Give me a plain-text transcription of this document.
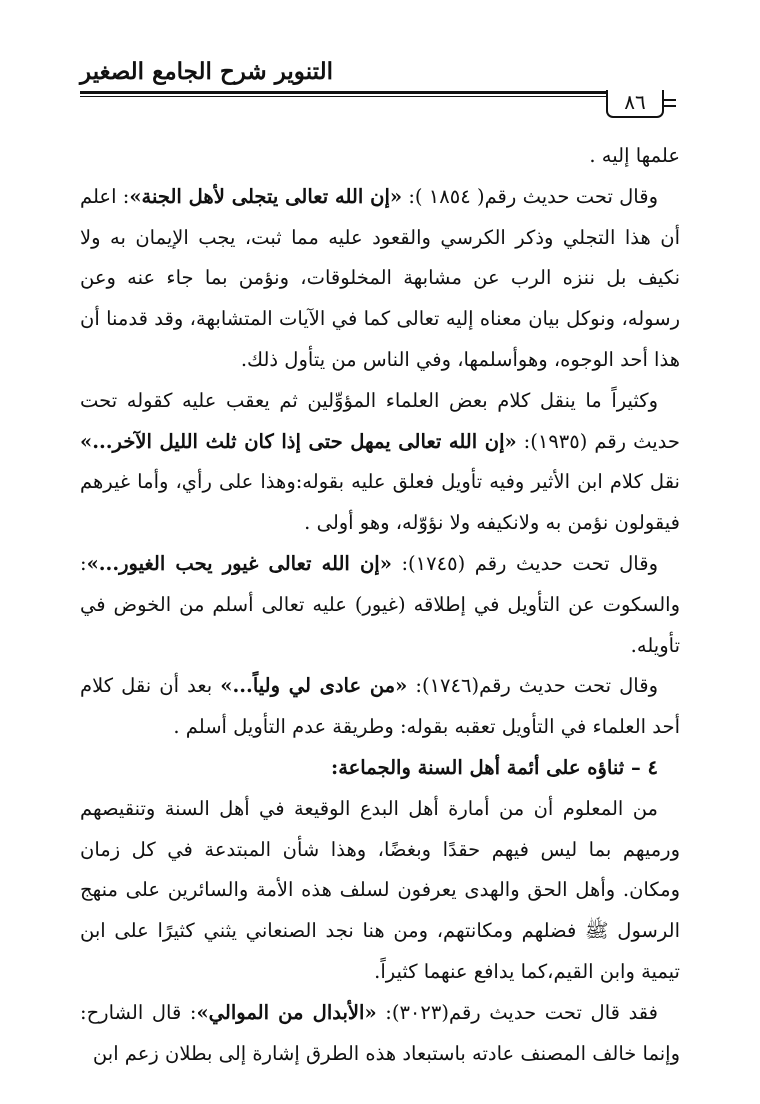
التنوير شرح الجامع الصغير
٨٦

علمها إليه .

وقال تحت حديث رقم( ١٨٥٤ ): «إن الله تعالى يتجلى لأهل الجنة»: اعلم أن هذا التجلي وذكر الكرسي والقعود عليه مما ثبت، يجب الإيمان به ولا نكيف بل ننزه الرب عن مشابهة المخلوقات، ونؤمن بما جاء عنه وعن رسوله، ونوكل بيان معناه إليه تعالى كما في الآيات المتشابهة، وقد قدمنا أن هذا أحد الوجوه، وهوأسلمها، وفي الناس من يتأول ذلك.

وكثيراً ما ينقل كلام بعض العلماء المؤوِّلين ثم يعقب عليه كقوله تحت حديث رقم (١٩٣٥): «إن الله تعالى يمهل حتى إذا كان ثلث الليل الآخر...» نقل كلام ابن الأثير وفيه تأويل فعلق عليه بقوله:وهذا على رأي، وأما غيرهم فيقولون نؤمن به ولانكيفه ولا نؤوّله، وهو أولى .

وقال تحت حديث رقم (١٧٤٥): «إن الله تعالى غيور يحب الغيور...»: والسكوت عن التأويل في إطلاقه (غيور) عليه تعالى أسلم من الخوض في تأويله.

وقال تحت حديث رقم(١٧٤٦): «من عادى لي ولياً...» بعد أن نقل كلام أحد العلماء في التأويل تعقبه بقوله: وطريقة عدم التأويل أسلم .

٤ – ثناؤه على أئمة أهل السنة والجماعة:

من المعلوم أن من أمارة أهل البدع الوقيعة في أهل السنة وتنقيصهم ورميهم بما ليس فيهم حقدًا وبغضًا، وهذا شأن المبتدعة في كل زمان ومكان. وأهل الحق والهدى يعرفون لسلف هذه الأمة والسائرين على منهج الرسول ﷺ فضلهم ومكانتهم، ومن هنا نجد الصنعاني يثني كثيرًا على ابن تيمية وابن القيم،كما يدافع عنهما كثيراً.

فقد قال تحت حديث رقم(٣٠٢٣): «الأبدال من الموالي»: قال الشارح: وإنما خالف المصنف عادته باستبعاد هذه الطرق إشارة إلى بطلان زعم ابن
